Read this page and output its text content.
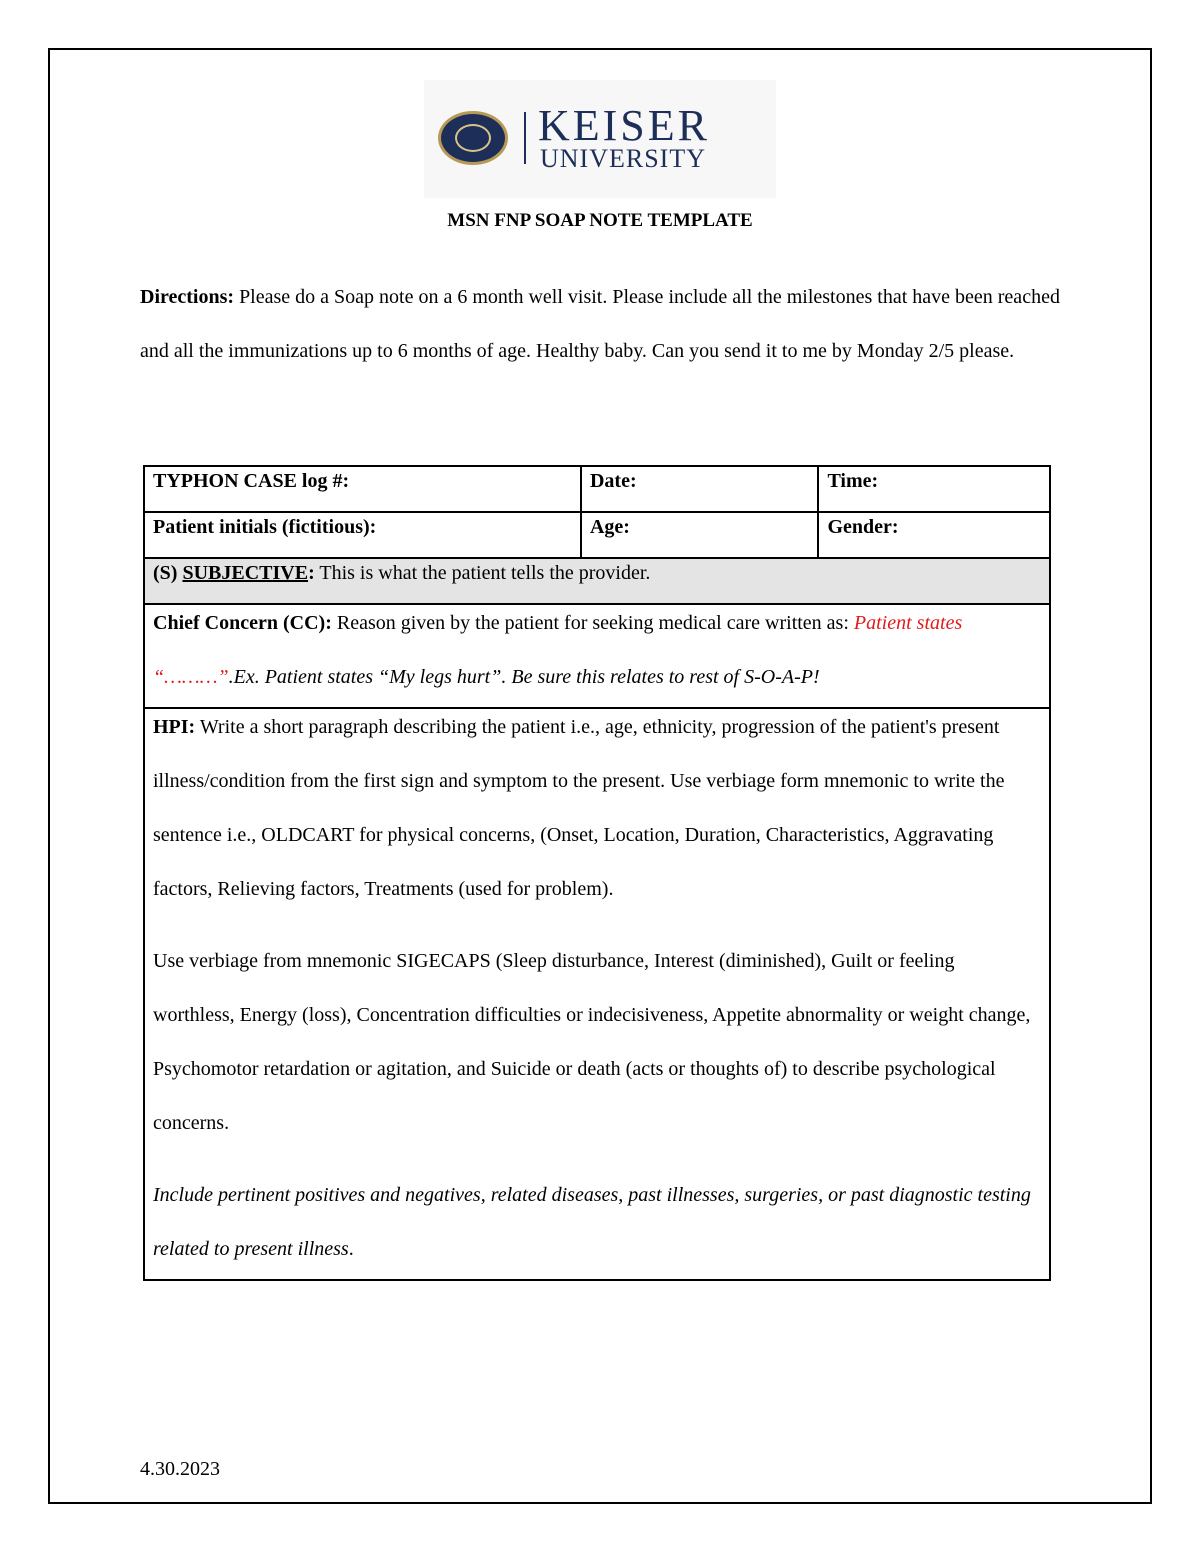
KEISER
UNIVERSITY
MSN FNP SOAP NOTE TEMPLATE
Directions: Please do a Soap note on a 6 month well visit. Please include all the milestones that have been reached and all the immunizations up to 6 months of age. Healthy baby. Can you send it to me by Monday 2/5 please.
TYPHON CASE log #:	Date:	Time:
Patient initials (fictitious):	Age:	Gender:
(S) SUBJECTIVE: This is what the patient tells the provider.		

Chief Concern (CC): Reason given by the patient for seeking medical care written as: Patient states “………”.Ex. Patient states “My legs hurt”. Be sure this relates to rest of S-O-A-P!		

HPI: Write a short paragraph describing the patient i.e., age, ethnicity, progression of the patient's present illness/condition from the first sign and symptom to the present. Use verbiage form mnemonic to write the sentence i.e., OLDCART for physical concerns, (Onset, Location, Duration, Characteristics, Aggravating factors, Relieving factors, Treatments (used for problem).

Use verbiage from mnemonic SIGECAPS (Sleep disturbance, Interest (diminished), Guilt or feeling worthless, Energy (loss), Concentration difficulties or indecisiveness, Appetite abnormality or weight change, Psychomotor retardation or agitation, and Suicide or death (acts or thoughts of) to describe psychological concerns.

Include pertinent positives and negatives, related diseases, past illnesses, surgeries, or past diagnostic testing related to present illness.		

4.30.2023
